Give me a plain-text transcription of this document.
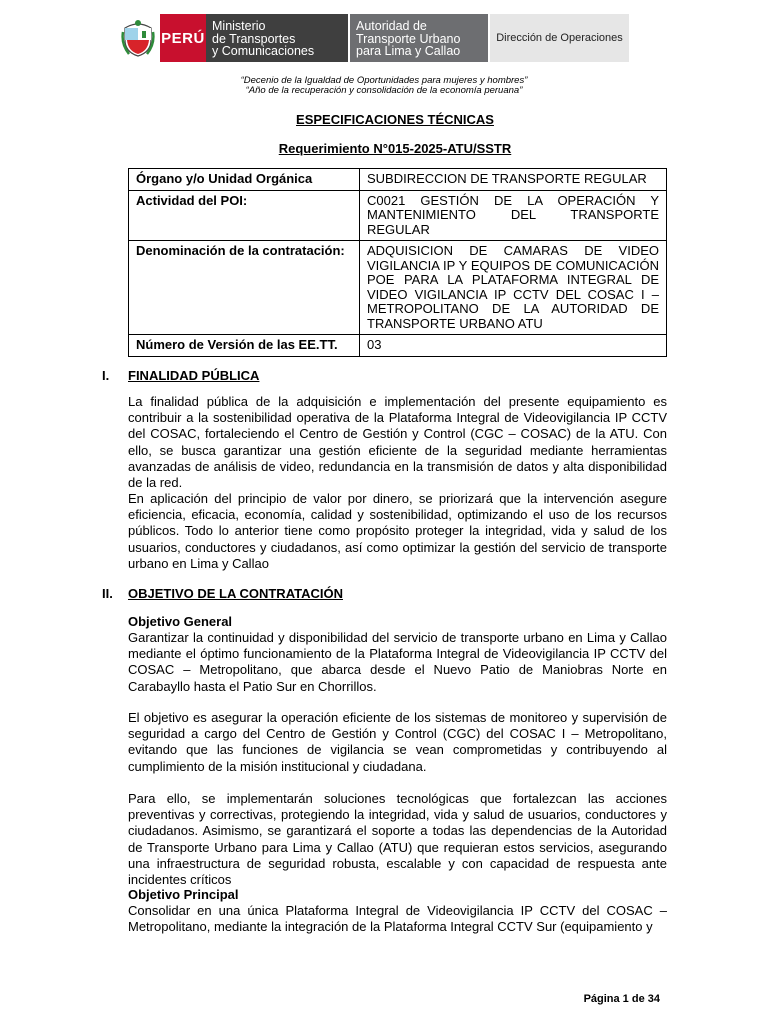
PERÚ
Ministerio
de Transportes
y Comunicaciones
Autoridad de
Transporte Urbano
para Lima y Callao
Dirección de Operaciones
“Decenio de la Igualdad de Oportunidades para mujeres y hombres”
“Año de la recuperación y consolidación de la economía peruana”
ESPECIFICACIONES TÉCNICAS
Requerimiento N°015-2025-ATU/SSTR
Órgano y/o Unidad Orgánica	SUBDIRECCION DE TRANSPORTE REGULAR
Actividad del POI:	C0021 GESTIÓN DE LA OPERACIÓN Y MANTENIMIENTO DEL TRANSPORTE REGULAR
Denominación de la contratación:	ADQUISICION DE CAMARAS DE VIDEO VIGILANCIA IP Y EQUIPOS DE COMUNICACIÓN POE PARA LA PLATAFORMA INTEGRAL DE VIDEO VIGILANCIA IP CCTV DEL COSAC I – METROPOLITANO DE LA AUTORIDAD DE TRANSPORTE URBANO ATU
Número de Versión de las EE.TT.	03
I. FINALIDAD PÚBLICA
La finalidad pública de la adquisición e implementación del presente equipamiento es contribuir a la sostenibilidad operativa de la Plataforma Integral de Videovigilancia IP CCTV del COSAC, fortaleciendo el Centro de Gestión y Control (CGC – COSAC) de la ATU. Con ello, se busca garantizar una gestión eficiente de la seguridad mediante herramientas avanzadas de análisis de video, redundancia en la transmisión de datos y alta disponibilidad de la red.
En aplicación del principio de valor por dinero, se priorizará que la intervención asegure eficiencia, eficacia, economía, calidad y sostenibilidad, optimizando el uso de los recursos públicos. Todo lo anterior tiene como propósito proteger la integridad, vida y salud de los usuarios, conductores y ciudadanos, así como optimizar la gestión del servicio de transporte urbano en Lima y Callao
II. OBJETIVO DE LA CONTRATACIÓN
Objetivo General
Garantizar la continuidad y disponibilidad del servicio de transporte urbano en Lima y Callao mediante el óptimo funcionamiento de la Plataforma Integral de Videovigilancia IP CCTV del COSAC – Metropolitano, que abarca desde el Nuevo Patio de Maniobras Norte en Carabayllo hasta el Patio Sur en Chorrillos.
El objetivo es asegurar la operación eficiente de los sistemas de monitoreo y supervisión de seguridad a cargo del Centro de Gestión y Control (CGC) del COSAC I – Metropolitano, evitando que las funciones de vigilancia se vean comprometidas y contribuyendo al cumplimiento de la misión institucional y ciudadana.
Para ello, se implementarán soluciones tecnológicas que fortalezcan las acciones preventivas y correctivas, protegiendo la integridad, vida y salud de usuarios, conductores y ciudadanos. Asimismo, se garantizará el soporte a todas las dependencias de la Autoridad de Transporte Urbano para Lima y Callao (ATU) que requieran estos servicios, asegurando una infraestructura de seguridad robusta, escalable y con capacidad de respuesta ante incidentes críticos
Objetivo Principal
Consolidar en una única Plataforma Integral de Videovigilancia IP CCTV del COSAC – Metropolitano, mediante la integración de la Plataforma Integral CCTV Sur (equipamiento y
Página 1 de 34
